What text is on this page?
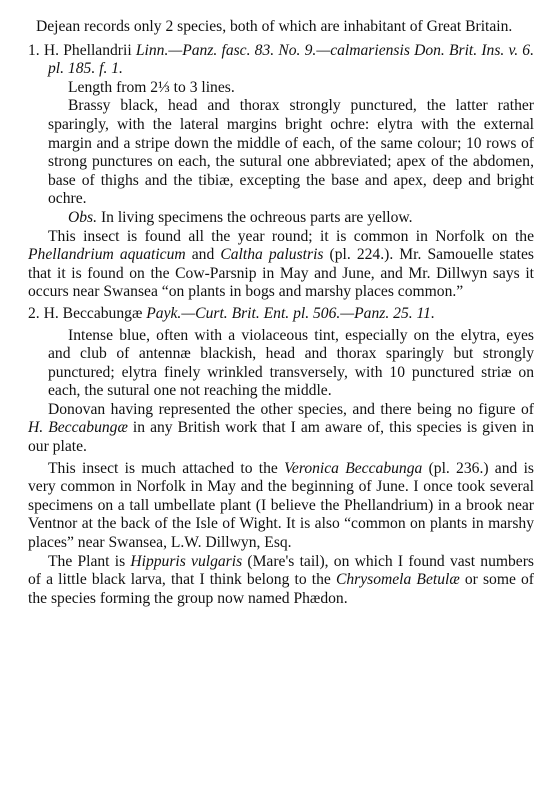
Dejean records only 2 species, both of which are inhabitant of Great Britain.

1. H. Phellandrii Linn.—Panz. fasc. 83. No. 9.—calmariensis Don. Brit. Ins. v. 6. pl. 185. f. 1.

Length from 2⅓ to 3 lines.

Brassy black, head and thorax strongly punctured, the latter rather sparingly, with the lateral margins bright ochre: elytra with the external margin and a stripe down the middle of each, of the same colour; 10 rows of strong punctures on each, the sutural one abbreviated; apex of the abdomen, base of thighs and the tibiæ, excepting the base and apex, deep and bright ochre.

Obs. In living specimens the ochreous parts are yellow.

This insect is found all the year round; it is common in Norfolk on the Phellandrium aquaticum and Caltha palustris (pl. 224.). Mr. Samouelle states that it is found on the Cow-Parsnip in May and June, and Mr. Dillwyn says it occurs near Swansea “on plants in bogs and marshy places common.”

2. H. Beccabungæ Payk.—Curt. Brit. Ent. pl. 506.—Panz. 25. 11.

Intense blue, often with a violaceous tint, especially on the elytra, eyes and club of antennæ blackish, head and thorax sparingly but strongly punctured; elytra finely wrinkled transversely, with 10 punctured striæ on each, the sutural one not reaching the middle.

Donovan having represented the other species, and there being no figure of H. Beccabungæ in any British work that I am aware of, this species is given in our plate.

This insect is much attached to the Veronica Beccabunga (pl. 236.) and is very common in Norfolk in May and the beginning of June. I once took several specimens on a tall umbellate plant (I believe the Phellandrium) in a brook near Ventnor at the back of the Isle of Wight. It is also “common on plants in marshy places” near Swansea, L.W. Dillwyn, Esq.

The Plant is Hippuris vulgaris (Mare's tail), on which I found vast numbers of a little black larva, that I think belong to the Chrysomela Betulæ or some of the species forming the group now named Phædon.
